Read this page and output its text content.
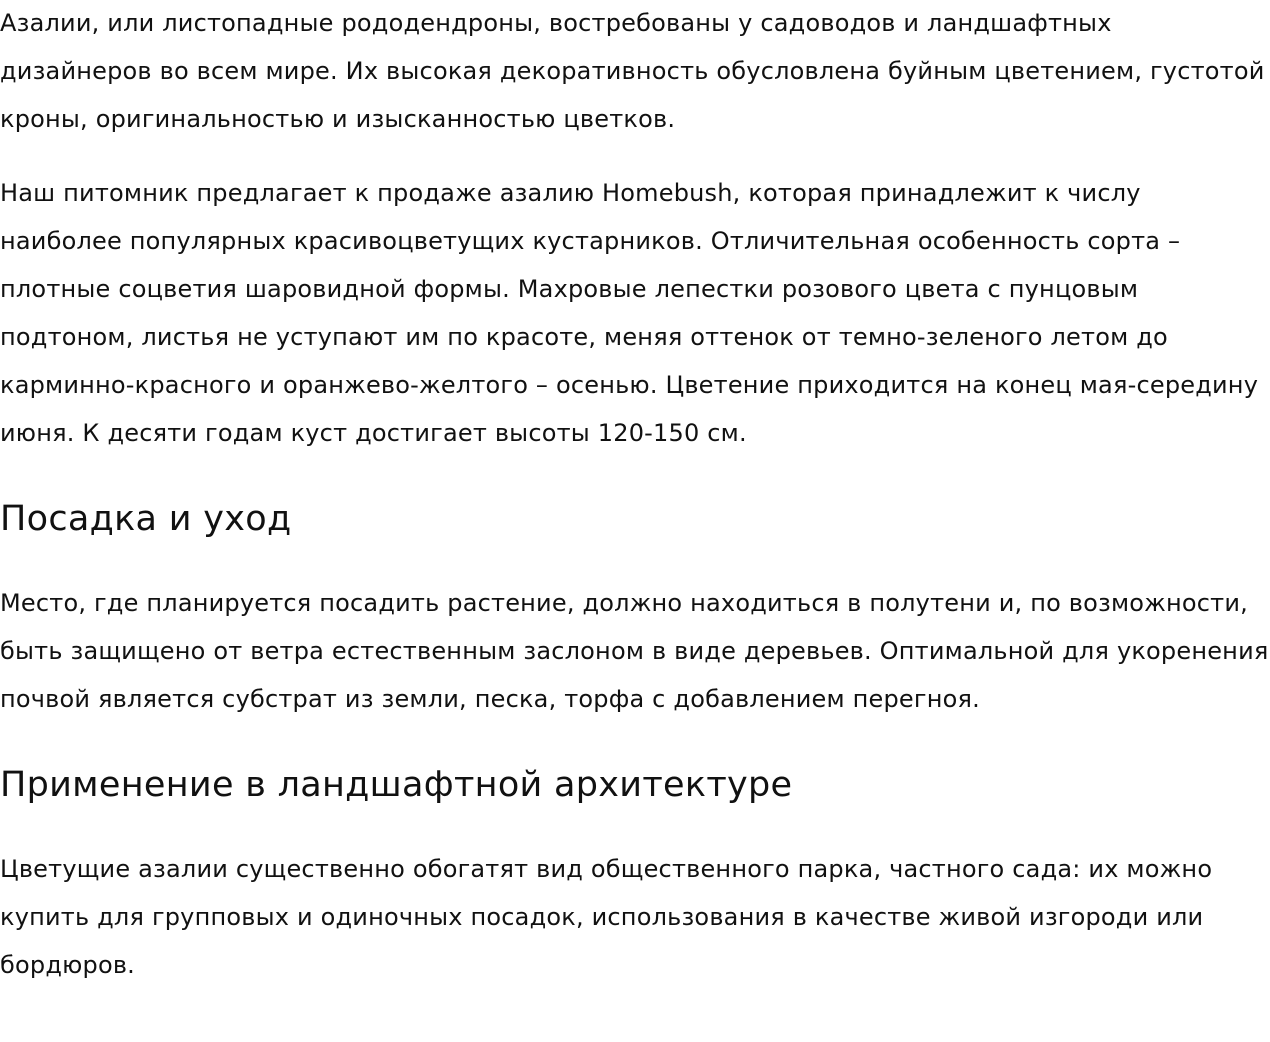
Азалии, или листопадные рододендроны, востребованы у садоводов и ландшафтных дизайнеров во всем мире. Их высокая декоративность обусловлена буйным цветением, густотой кроны, оригинальностью и изысканностью цветков.

Наш питомник предлагает к продаже азалию Homebush, которая принадлежит к числу наиболее популярных красивоцветущих кустарников. Отличительная особенность сорта – плотные соцветия шаровидной формы. Махровые лепестки розового цвета с пунцовым подтоном, листья не уступают им по красоте, меняя оттенок от темно-зеленого летом до карминно-красного и оранжево-желтого – осенью. Цветение приходится на конец мая-середину июня. К десяти годам куст достигает высоты 120-150 см.

Посадка и уход

Место, где планируется посадить растение, должно находиться в полутени и, по возможности, быть защищено от ветра естественным заслоном в виде деревьев. Оптимальной для укоренения почвой является субстрат из земли, песка, торфа с добавлением перегноя.

Применение в ландшафтной архитектуре

Цветущие азалии существенно обогатят вид общественного парка, частного сада: их можно купить для групповых и одиночных посадок, использования в качестве живой изгороди или бордюров.
